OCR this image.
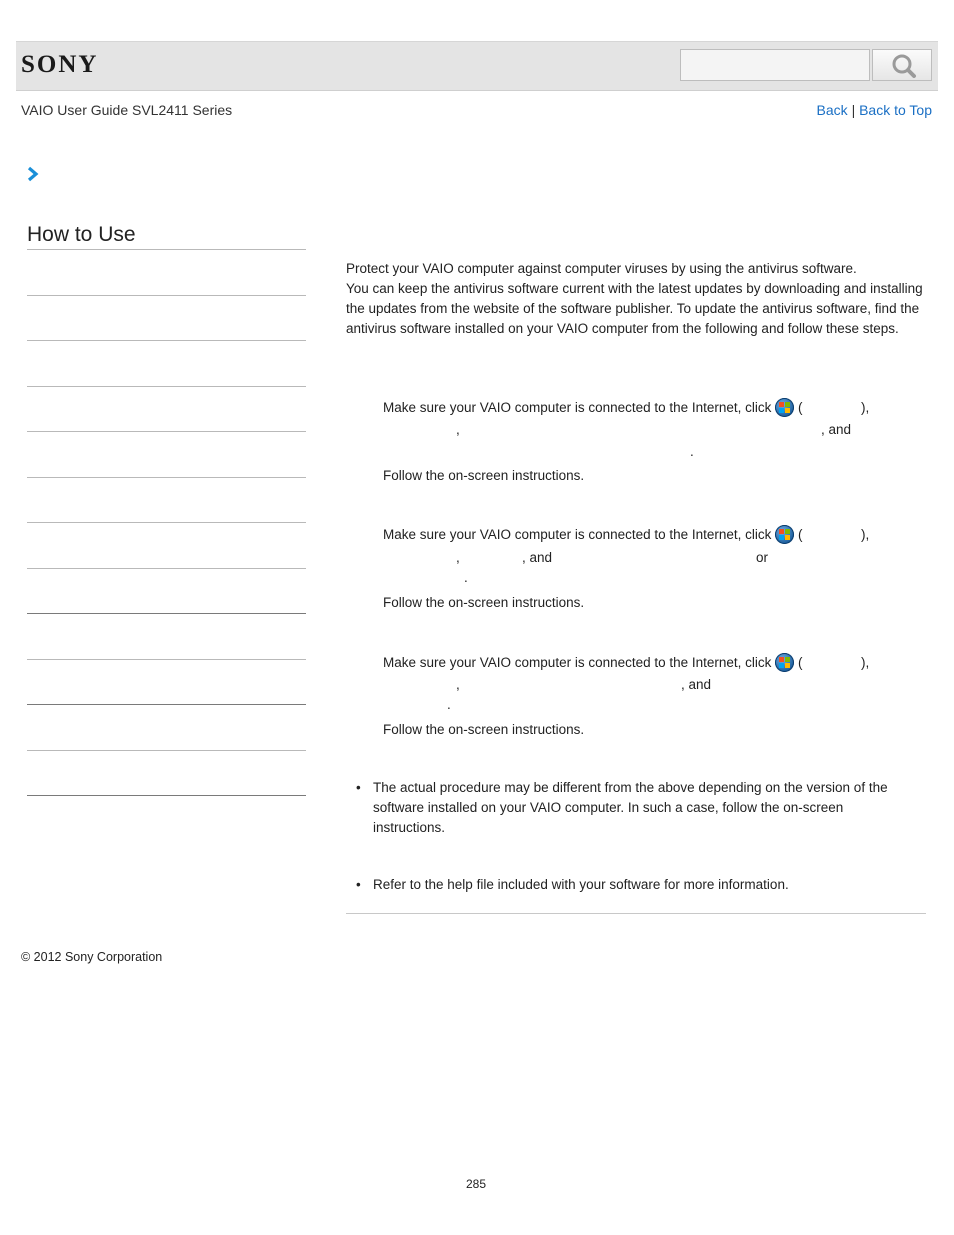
SONY
VAIO User Guide SVL2411 Series	Back | Back to Top
How to Use

Protect your VAIO computer against computer viruses by using the antivirus software.

You can keep the antivirus software current with the latest updates by downloading and installing the updates from the website of the software publisher. To update the antivirus software, find the antivirus software installed on your VAIO computer from the following and follow these steps.

Make sure your VAIO computer is connected to the Internet, click (	),
,	, and
.
Follow the on-screen instructions.
Make sure your VAIO computer is connected to the Internet, click (	),
,	, and	or
.
Follow the on-screen instructions.
Make sure your VAIO computer is connected to the Internet, click (	),
,	, and
.
Follow the on-screen instructions.
• The actual procedure may be different from the above depending on the version of the software installed on your VAIO computer. In such a case, follow the on-screen instructions.
• Refer to the help file included with your software for more information.
© 2012 Sony Corporation
285
